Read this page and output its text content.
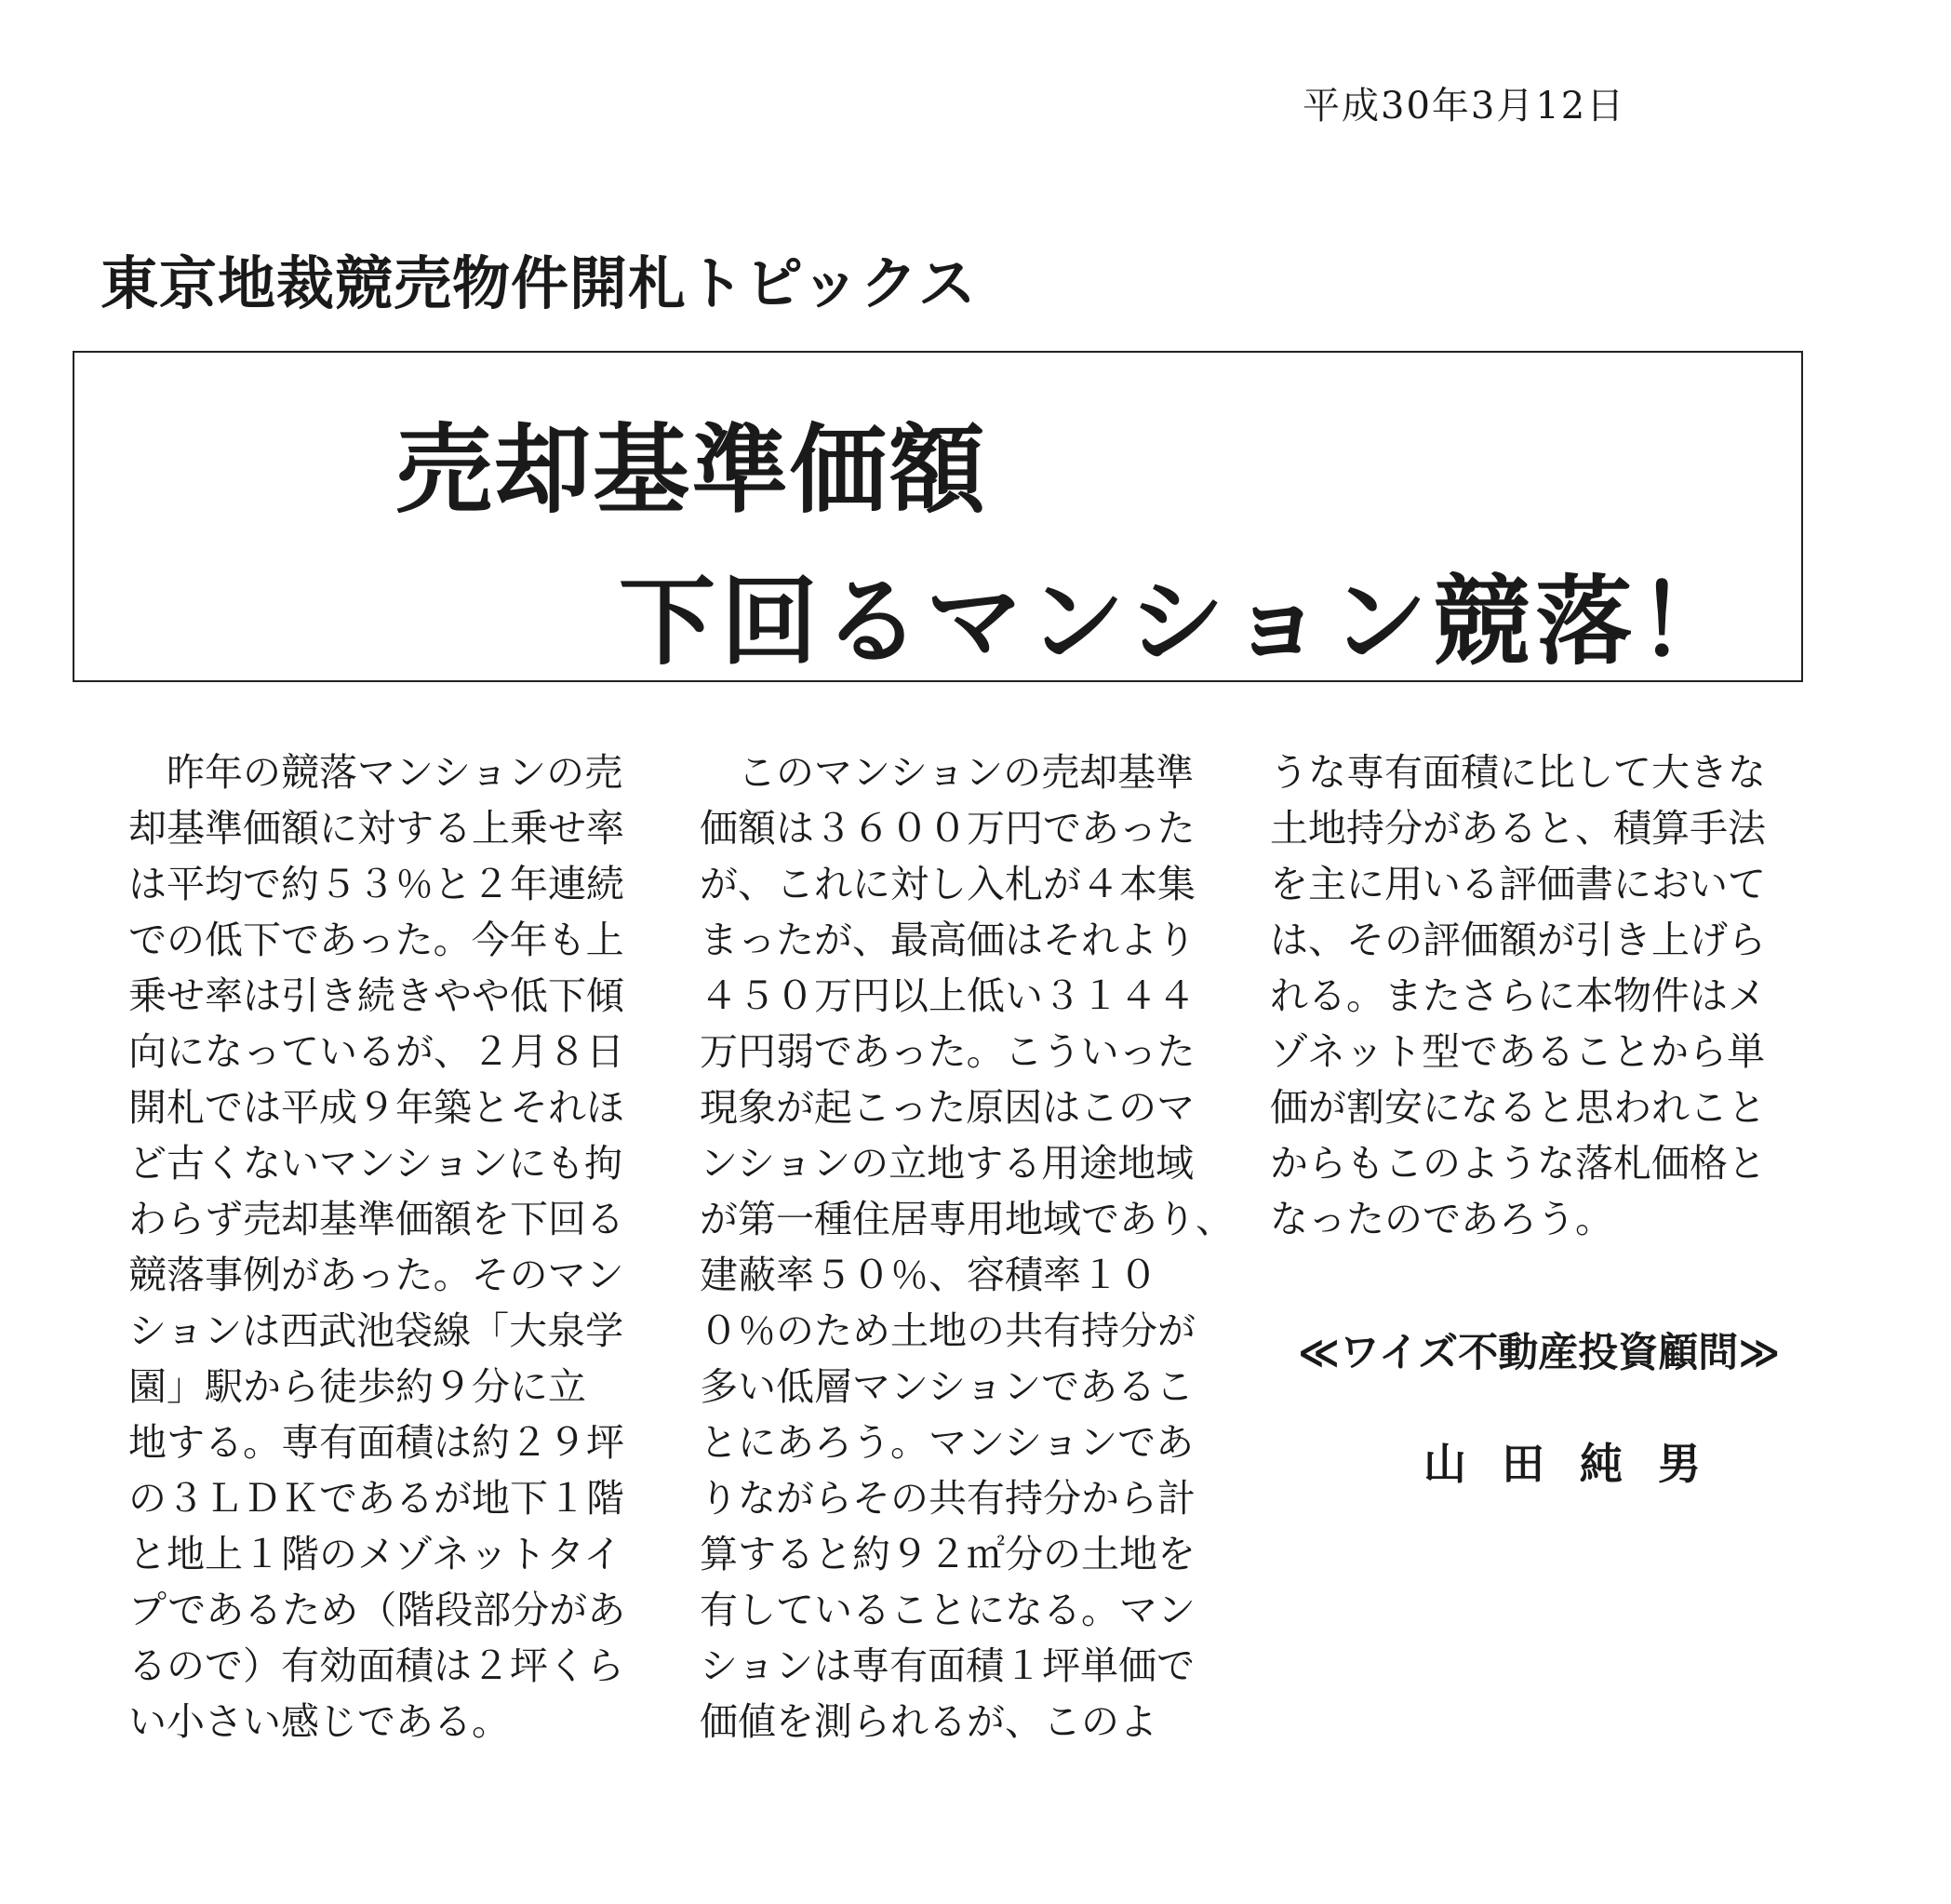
平成30年3月12日
東京地裁競売物件開札トピックス
売却基準価額
下回るマンション競落！
　昨年の競落マンションの売
却基準価額に対する上乗せ率
は平均で約５３％と２年連続
での低下であった。今年も上
乗せ率は引き続きやや低下傾
向になっているが、２月８日
開札では平成９年築とそれほ
ど古くないマンションにも拘
わらず売却基準価額を下回る
競落事例があった。そのマン
ションは西武池袋線「大泉学
園」駅から徒歩約９分に立
地する。専有面積は約２９坪
の３ＬＤＫであるが地下１階
と地上１階のメゾネットタイ
プであるため（階段部分があ
るので）有効面積は２坪くら
い小さい感じである。
　このマンションの売却基準
価額は３６００万円であった
が、これに対し入札が４本集
まったが、最高価はそれより
４５０万円以上低い３１４４
万円弱であった。こういった
現象が起こった原因はこのマ
ンションの立地する用途地域
が第一種住居専用地域であり、
建蔽率５０％、容積率１０
０％のため土地の共有持分が
多い低層マンションであるこ
とにあろう。マンションであ
りながらその共有持分から計
算すると約９２㎡分の土地を
有していることになる。マン
ションは専有面積１坪単価で
価値を測られるが、このよ
うな専有面積に比して大きな
土地持分があると、積算手法
を主に用いる評価書において
は、その評価額が引き上げら
れる。またさらに本物件はメ
ゾネット型であることから単
価が割安になると思われこと
からもこのような落札価格と
なったのであろう。
≪ワイズ不動産投資顧問≫
山田純男
